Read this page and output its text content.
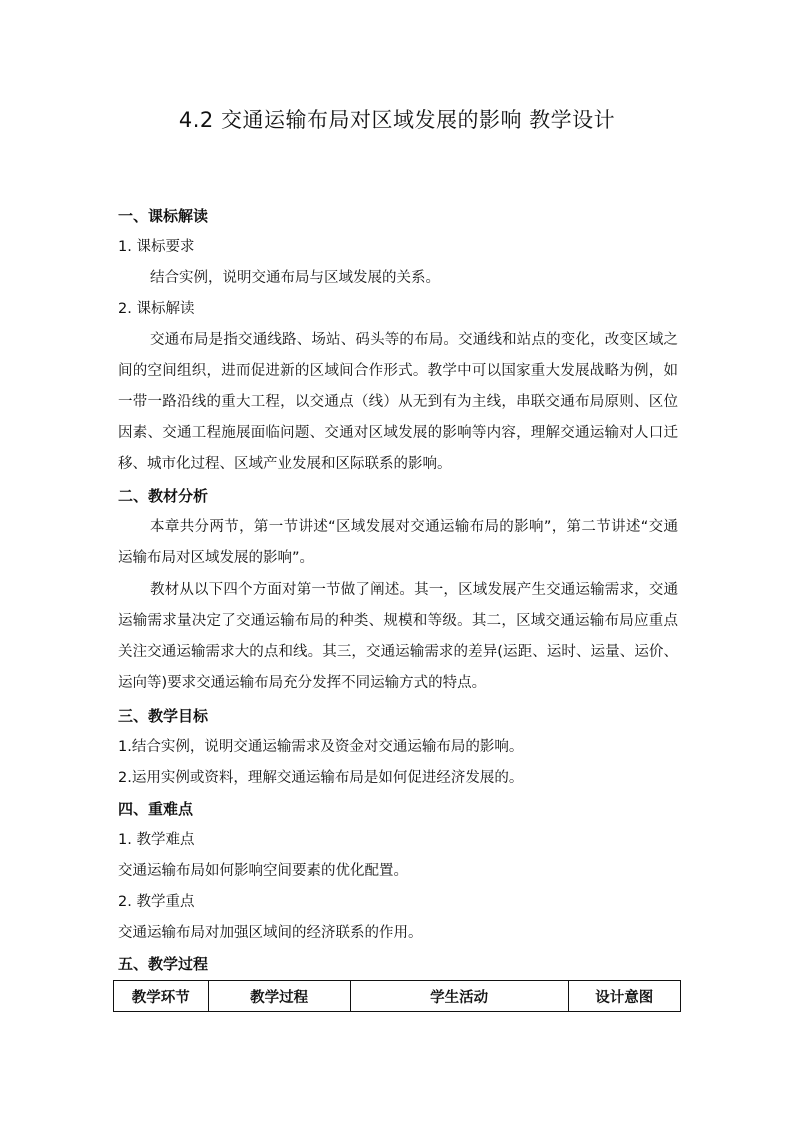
4.2 交通运输布局对区域发展的影响 教学设计
一、课标解读
1. 课标要求
结合实例，说明交通布局与区域发展的关系。
2. 课标解读
交通布局是指交通线路、场站、码头等的布局。交通线和站点的变化，改变区域之间的空间组织，进而促进新的区域间合作形式。教学中可以国家重大发展战略为例，如一带一路沿线的重大工程，以交通点（线）从无到有为主线，串联交通布局原则、区位因素、交通工程施展面临问题、交通对区域发展的影响等内容，理解交通运输对人口迁移、城市化过程、区域产业发展和区际联系的影响。
二、教材分析
本章共分两节，第一节讲述“区域发展对交通运输布局的影响”，第二节讲述“交通运输布局对区域发展的影响”。
教材从以下四个方面对第一节做了阐述。其一，区域发展产生交通运输需求，交通运输需求量决定了交通运输布局的种类、规模和等级。其二，区域交通运输布局应重点关注交通运输需求大的点和线。其三，交通运输需求的差异(运距、运时、运量、运价、运向等)要求交通运输布局充分发挥不同运输方式的特点。
三、教学目标
1.结合实例，说明交通运输需求及资金对交通运输布局的影响。
2.运用实例或资料，理解交通运输布局是如何促进经济发展的。
四、重难点
1. 教学难点
交通运输布局如何影响空间要素的优化配置。
2. 教学重点
交通运输布局对加强区域间的经济联系的作用。
五、教学过程
教学环节	教学过程	学生活动	设计意图
